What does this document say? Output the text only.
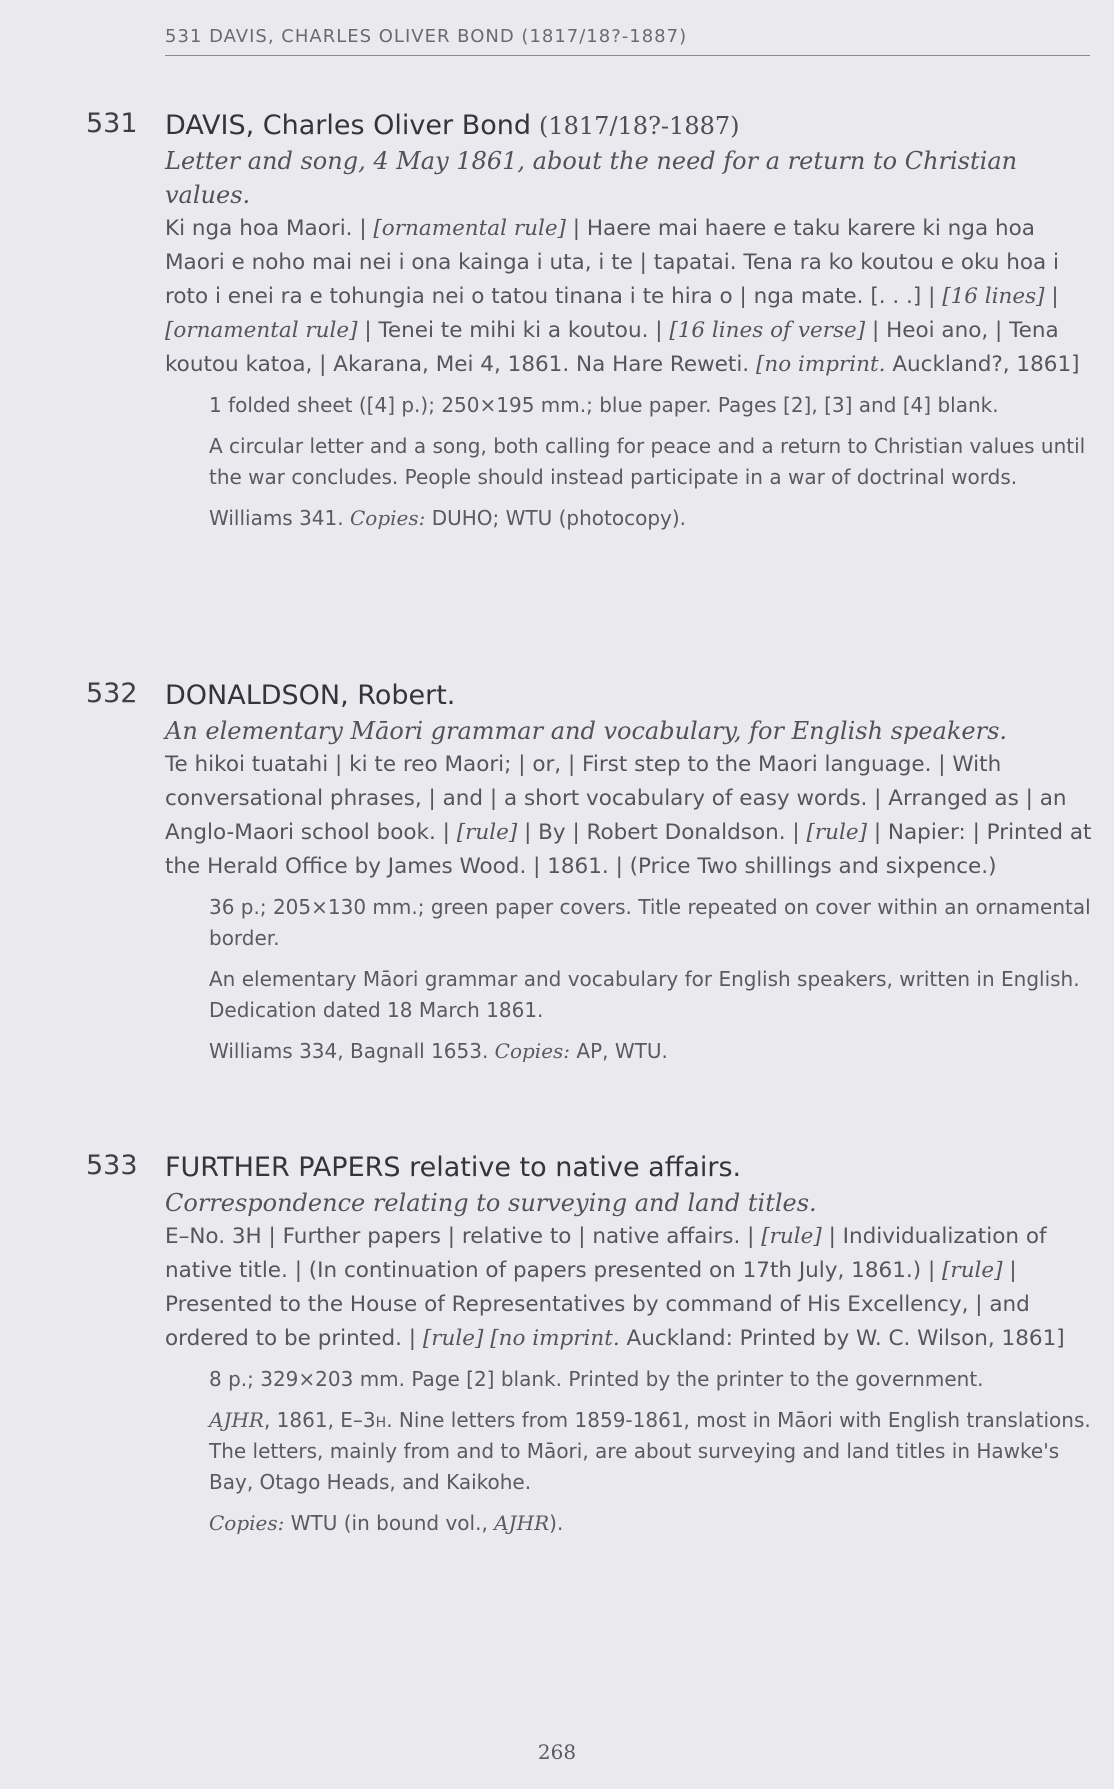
531 DAVIS, CHARLES OLIVER BOND (1817/18?-1887)
531 DAVIS, Charles Oliver Bond (1817/18?-1887)
Letter and song, 4 May 1861, about the need for a return to Christian values.
Ki nga hoa Maori. | [ornamental rule] | Haere mai haere e taku karere ki nga hoa Maori e noho mai nei i ona kainga i uta, i te | tapatai. Tena ra ko koutou e oku hoa i roto i enei ra e tohungia nei o tatou tinana i te hira o | nga mate. [. . .] | [16 lines] | [ornamental rule] | Tenei te mihi ki a koutou. | [16 lines of verse] | Heoi ano, | Tena koutou katoa, | Akarana, Mei 4, 1861. Na Hare Reweti. [no imprint. Auckland?, 1861]

1 folded sheet ([4] p.); 250×195 mm.; blue paper. Pages [2], [3] and [4] blank.

A circular letter and a song, both calling for peace and a return to Christian values until the war concludes. People should instead participate in a war of doctrinal words.

Williams 341. Copies: DUHO; WTU (photocopy).

532 DONALDSON, Robert.
An elementary Māori grammar and vocabulary, for English speakers.
Te hikoi tuatahi | ki te reo Maori; | or, | First step to the Maori language. | With conversational phrases, | and | a short vocabulary of easy words. | Arranged as | an Anglo-Maori school book. | [rule] | By | Robert Donaldson. | [rule] | Napier: | Printed at the Herald Office by James Wood. | 1861. | (Price Two shillings and sixpence.)

36 p.; 205×130 mm.; green paper covers. Title repeated on cover within an ornamental border.

An elementary Māori grammar and vocabulary for English speakers, written in English. Dedication dated 18 March 1861.

Williams 334, Bagnall 1653. Copies: AP, WTU.

533 FURTHER PAPERS relative to native affairs.
Correspondence relating to surveying and land titles.
E–No. 3H | Further papers | relative to | native affairs. | [rule] | Individualization of native title. | (In continuation of papers presented on 17th July, 1861.) | [rule] | Presented to the House of Representatives by command of His Excellency, | and ordered to be printed. | [rule] [no imprint. Auckland: Printed by W. C. Wilson, 1861]

8 p.; 329×203 mm. Page [2] blank. Printed by the printer to the government.

AJHR, 1861, E–3h. Nine letters from 1859-1861, most in Māori with English translations. The letters, mainly from and to Māori, are about surveying and land titles in Hawke's Bay, Otago Heads, and Kaikohe.

Copies: WTU (in bound vol., AJHR).

268
